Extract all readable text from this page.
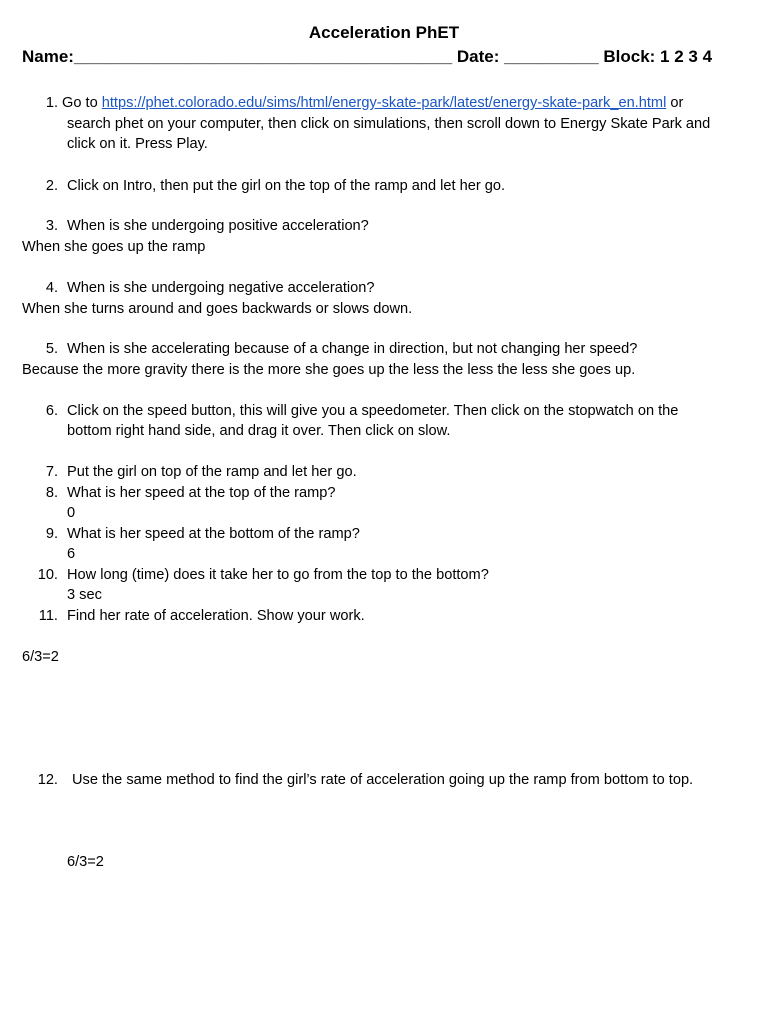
Acceleration PhET
Name:________________________________________ Date: __________ Block: 1 2 3 4
1. Go to https://phet.colorado.edu/sims/html/energy-skate-park/latest/energy-skate-park_en.html or
search phet on your computer, then click on simulations, then scroll down to Energy Skate Park and
click on it. Press Play.
2. Click on Intro, then put the girl on the top of the ramp and let her go.
3. When is she undergoing positive acceleration?
When she goes up the ramp
4. When is she undergoing negative acceleration?
When she turns around and goes backwards or slows down.
5. When is she accelerating because of a change in direction, but not changing her speed?
Because the more gravity there is the more she goes up the less the less the less she goes up.
6. Click on the speed button, this will give you a speedometer. Then click on the stopwatch on the
bottom right hand side, and drag it over. Then click on slow.
7. Put the girl on top of the ramp and let her go.
8. What is her speed at the top of the ramp?
0
9. What is her speed at the bottom of the ramp?
6
10. How long (time) does it take her to go from the top to the bottom?
3 sec
11. Find her rate of acceleration. Show your work.
6/3=2
12. Use the same method to find the girl’s rate of acceleration going up the ramp from bottom to top.
6/3=2
